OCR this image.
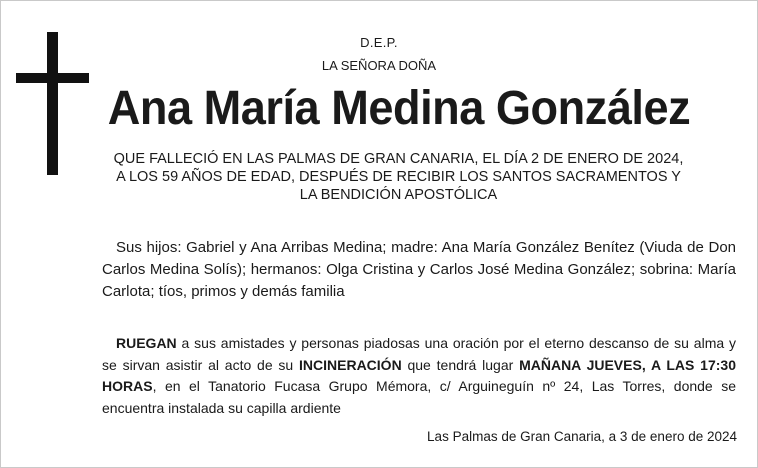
D.E.P.
LA SEÑORA DOÑA
Ana María Medina González
QUE FALLECIÓ EN LAS PALMAS DE GRAN CANARIA, EL DÍA 2 DE ENERO DE 2024, A LOS 59 AÑOS DE EDAD, DESPUÉS DE RECIBIR LOS SANTOS SACRAMENTOS Y LA BENDICIÓN APOSTÓLICA
Sus hijos: Gabriel y Ana Arribas Medina; madre: Ana María González Benítez (Viuda de Don Carlos Medina Solís); hermanos: Olga Cristina y Carlos José Medina González; sobrina: María Carlota; tíos, primos y demás familia
RUEGAN a sus amistades y personas piadosas una oración por el eterno descanso de su alma y se sirvan asistir al acto de su INCINERACIÓN que tendrá lugar MAÑANA JUEVES, A LAS 17:30 HORAS, en el Tanatorio Fucasa Grupo Mémora, c/ Arguineguín nº 24, Las Torres, donde se encuentra instalada su capilla ardiente
Las Palmas de Gran Canaria, a 3 de enero de 2024
